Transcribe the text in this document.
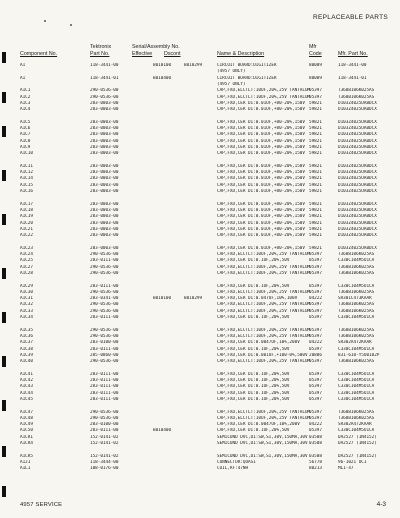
REPLACEABLE PARTS
Tektronix	Serial/Assembly No.	Mfr
Component No.	Part No.	Effective Dscont	Name & Description	Code	Mfr. Part No.
A1	118-3441-00	B010100	B010299	CIRCUIT BOARD:DIGITIZER	80009	118-3441-00
(4957 ONLY)
A1	118-3441-01	B010400	CIRCUIT BOARD:DIGITIZER	80009	118-3441-01
(4957 ONLY)
A1C1	290-0536-00	CAP,FXD,ELCTLT:10UF,20%,25V TANTALUM
05397	T368B106K025AS
A1C2	290-0536-00	CAP,FXD,ELCTLT:10UF,20%,25V TANTALUM
05397	T368B106K025AS
A1C3	283-0003-00	CAP,FXD,CER DI:0.01UF,+80-20%,150V 59821	D103Z40Z5UABDCX
A1C4	283-0003-00	CAP,FXD,CER DI:0.01UF,+80-20%,150V 59821	D103Z40Z5UABDCX
A1C5	283-0003-00	CAP,FXD,CER DI:0.01UF,+80-20%,150V 59821	D103Z40Z5UABDCX
A1C6	283-0003-00	CAP,FXD,CER DI:0.01UF,+80-20%,150V 59821	D103Z40Z5UABDCX
A1C7	283-0003-00	CAP,FXD,CER DI:0.01UF,+80-20%,150V 59821	D103Z40Z5UABDCX
A1C8	283-0003-00	CAP,FXD,CER DI:0.01UF,+80-20%,150V 59821	D103Z40Z5UABDCX
A1C9	283-0003-00	CAP,FXD,CER DI:0.01UF,+80-20%,150V 59821	D103Z40Z5UABDCX
A1C10	283-0003-00	CAP,FXD,CER DI:0.01UF,+80-20%,150V 59821	D103Z40Z5UABDCX
A1C11	283-0003-00	CAP,FXD,CER DI:0.01UF,+80-20%,150V 59821	D103Z40Z5UABDCX
A1C12	283-0003-00	CAP,FXD,CER DI:0.01UF,+80-20%,150V 59821	D103Z40Z5UABDCX
A1C14	283-0003-00	CAP,FXD,CER DI:0.01UF,+80-20%,150V 59821	D103Z40Z5UABDCX
A1C15	283-0003-00	CAP,FXD,CER DI:0.01UF,+80-20%,150V 59821	D103Z40Z5UABDCX
A1C16	283-0003-00	CAP,FXD,CER DI:0.01UF,+80-20%,150V 59821	D103Z40Z5UABDCX
A1C17	283-0003-00	CAP,FXD,CER DI:0.01UF,+80-20%,150V 59821	D103Z40Z5UABDCX
A1C18	283-0003-00	CAP,FXD,CER DI:0.01UF,+80-20%,150V 59821	D103Z40Z5UABDCX
A1C19	283-0003-00	CAP,FXD,CER DI:0.01UF,+80-20%,150V 59821	D103Z40Z5UABDCX
A1C20	283-0003-00	CAP,FXD,CER DI:0.01UF,+80-20%,150V 59821	D103Z40Z5UABDCX
A1C21	283-0003-00	CAP,FXD,CER DI:0.01UF,+80-20%,150V 59821	D103Z40Z5UABDCX
A1C22	283-0003-00	CAP,FXD,CER DI:0.01UF,+80-20%,150V 59821	D103Z40Z5UABDCX
A1C23	283-0003-00	CAP,FXD,CER DI:0.01UF,+80-20%,150V 59821	D103Z40Z5UABDCX
A1C24	290-0536-00	CAP,FXD,ELCTLT:10UF,20%,25V TANTALUM
05397	T368B106K025AS
A1C25	283-0111-00	CAP,FXD,CER DI:0.1UF,20%,50V	05397	C330C104M5U1CA
A1C27	290-0536-00	CAP,FXD,ELCTLT:10UF,20%,25V TANTALUM
05397	T368B106K025AS
A1C28	290-0536-00	CAP,FXD,ELCTLT:10UF,20%,25V TANTALUM
05397	T368B106K025AS
A1C29	283-0111-00	CAP,FXD,CER DI:0.1UF,20%,50V	05397	C330C104M5U1CA
A1C30	290-0536-00	CAP,FXD,ELCTLT:10UF,20%,25V TANTALUM
05397	T368B106K025AS
A1C31	283-0341-00	B010100	B010299	CAP,FXD,CER DI:0.047UF,10%,100V	04222	SR301C473KAAR
A1C32	290-0536-00	CAP,FXD,ELCTLT:10UF,20%,25V TANTALUM
05397	T368B106K025AS
A1C33	290-0536-00	CAP,FXD,ELCTLT:10UF,20%,25V TANTALUM
05397	T368B106K025AS
A1C34	283-0111-00	CAP,FXD,CER DI:0.1UF,20%,50V	05397	C330C104M5U1CA
A1C35	290-0536-00	CAP,FXD,ELCTLT:10UF,20%,25V TANTALUM
05397	T368B106K025AS
A1C36	290-0536-00	CAP,FXD,ELCTLT:10UF,20%,25V TANTALUM
05397	T368B106K025AS
A1C37	283-0100-00	CAP,FXD,CER DI:0.0047UF,10%,200V	04222	SR302A472KAAR
A1C38	283-0111-00	CAP,FXD,CER DI:0.1UF,20%,50V	05397	C330C104M5U1CA
A1C39	285-0860-00	CAP,FXD,CER DI:0.001UF,+100-0%,500V 20806	831-610-Y5U0102P
A1C40	290-0536-00	CAP,FXD,ELCTLT:10UF,20%,25V TANTALUM
05397	T368B106K025AS
A1C41	283-0111-00	CAP,FXD,CER DI:0.1UF,20%,50V	05397	C330C104M5U1CA
A1C42	283-0111-00	CAP,FXD,CER DI:0.1UF,20%,50V	05397	C330C104M5U1CA
A1C43	283-0111-00	CAP,FXD,CER DI:0.1UF,20%,50V	05397	C330C104M5U1CA
A1C44	283-0111-00	CAP,FXD,CER DI:0.1UF,20%,50V	05397	C330C104M5U1CA
A1C45	283-0111-00	CAP,FXD,CER DI:0.1UF,20%,50V	05397	C330C104M5U1CA
A1C47	290-0536-00	CAP,FXD,ELCTLT:10UF,20%,25V TANTALUM
05397	T368B106K025AS
A1C48	290-0536-00	CAP,FXD,ELCTLT:10UF,20%,25V TANTALUM
05397	T368B106K025AS
A1C49	283-0100-00	CAP,FXD,CER DI:0.0047UF,10%,200V	04222	SR302A472KAAR
A1C50	283-0111-00	B010400	CAP,FXD,CER DI:0.1UF,20%,50V	05397	C330C104M5U1CA
A1CR1	152-0141-02	SEMICOND DVC,DI:SW,SI,30V,150MA,30V 03508	DA2527 (1N4152)
A1CR4	152-0141-02	SEMICOND DVC,DI:SW,SI,30V,150MA,30V 03508	DA2527 (1N4152)
A1CR5	152-0141-02	SEMICOND DVC,DI:SW,SI,30V,150MA,30V 03508	DA2527 (1N4152)
A1J1	118-3444-00	CONNECTOR:QUASI	56778	96-1021 OC1
A1L1	108-0176-00	COIL,RF:47NH	80213	ML1-47
4957 SERVICE	4-3
